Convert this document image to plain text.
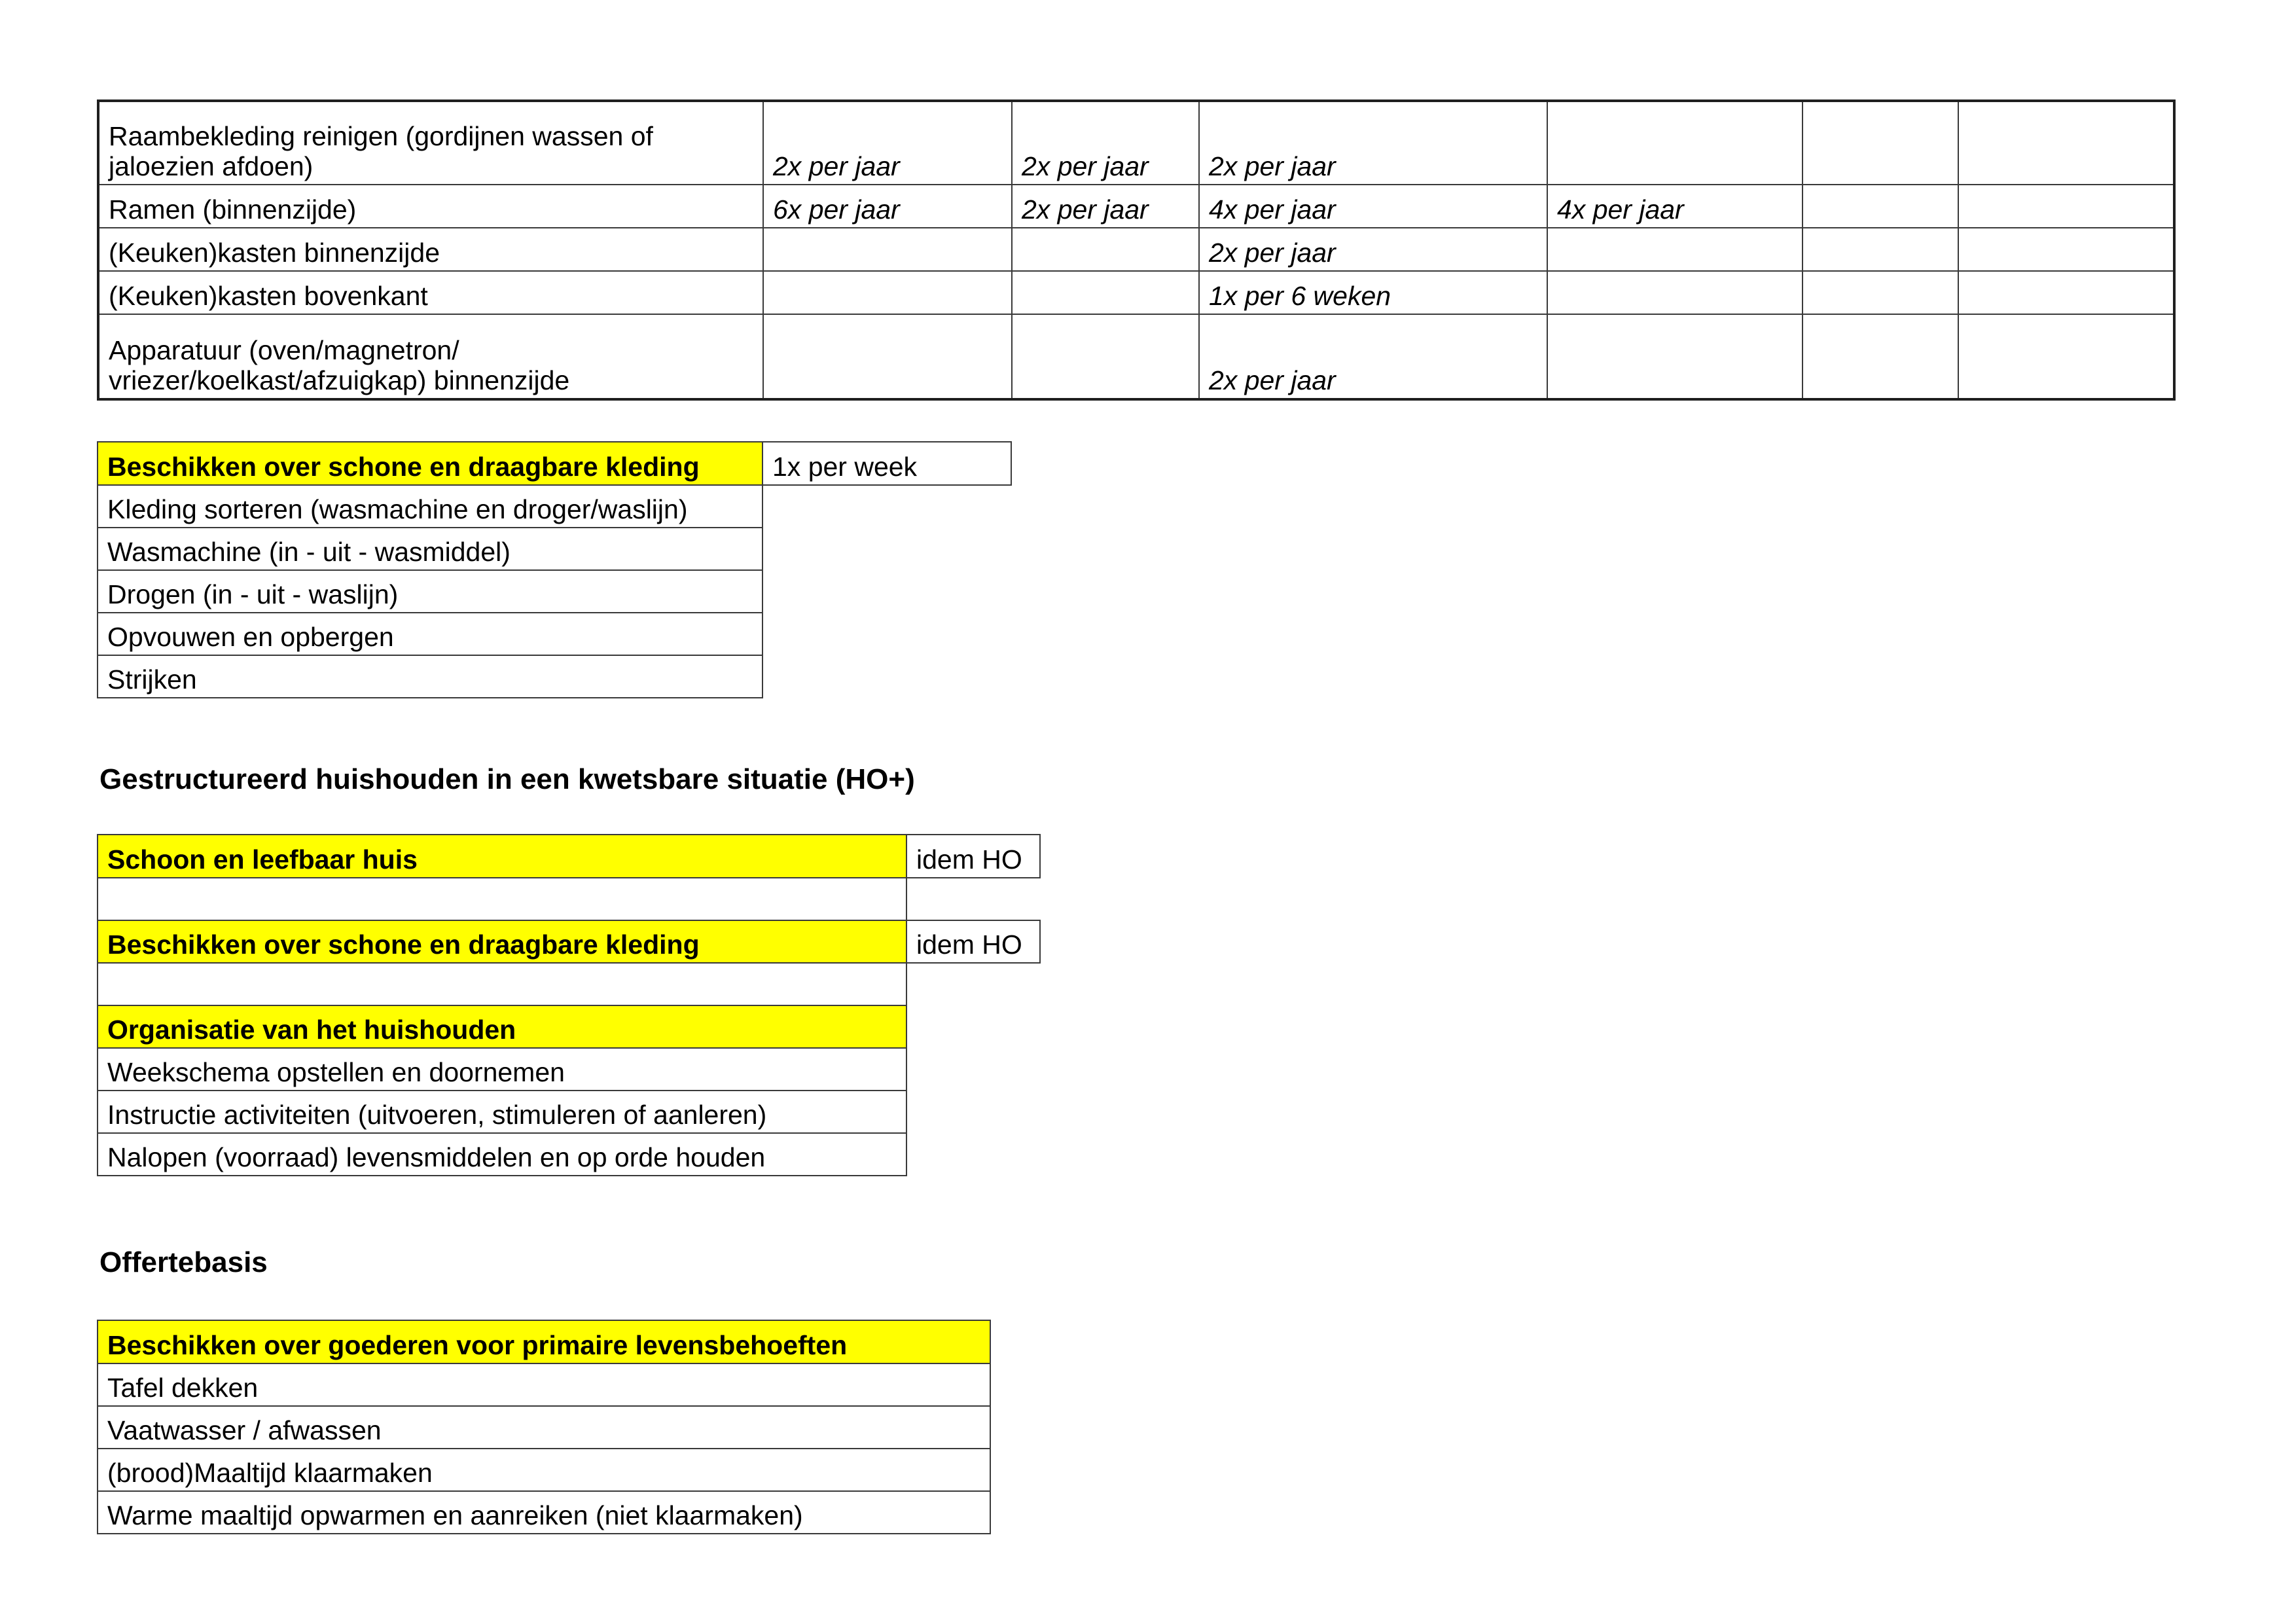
Raambekleding reinigen (gordijnen wassen of jaloezien afdoen)	2x per jaar	2x per jaar	2x per jaar			
Ramen (binnenzijde)	6x per jaar	2x per jaar	4x per jaar	4x per jaar		
(Keuken)kasten binnenzijde			2x per jaar			
(Keuken)kasten bovenkant			1x per 6 weken			
Apparatuur (oven/magnetron/ vriezer/koelkast/afzuigkap) binnenzijde			2x per jaar			
Beschikken over schone en draagbare kleding	1x per week
Kleding sorteren (wasmachine en droger/waslijn)	
Wasmachine (in - uit - wasmiddel)	
Drogen (in - uit - waslijn)	
Opvouwen en opbergen	
Strijken	
Gestructureerd huishouden in een kwetsbare situatie (HO+)
Schoon en leefbaar huis	idem HO

Beschikken over schone en draagbare kleding	idem HO

Organisatie van het huishouden	
Weekschema opstellen en doornemen	
Instructie activiteiten (uitvoeren, stimuleren of aanleren)	
Nalopen (voorraad) levensmiddelen en op orde houden	
Offertebasis
Beschikken over goederen voor primaire levensbehoeften
Tafel dekken
Vaatwasser / afwassen
(brood)Maaltijd klaarmaken
Warme maaltijd opwarmen en aanreiken (niet klaarmaken)
